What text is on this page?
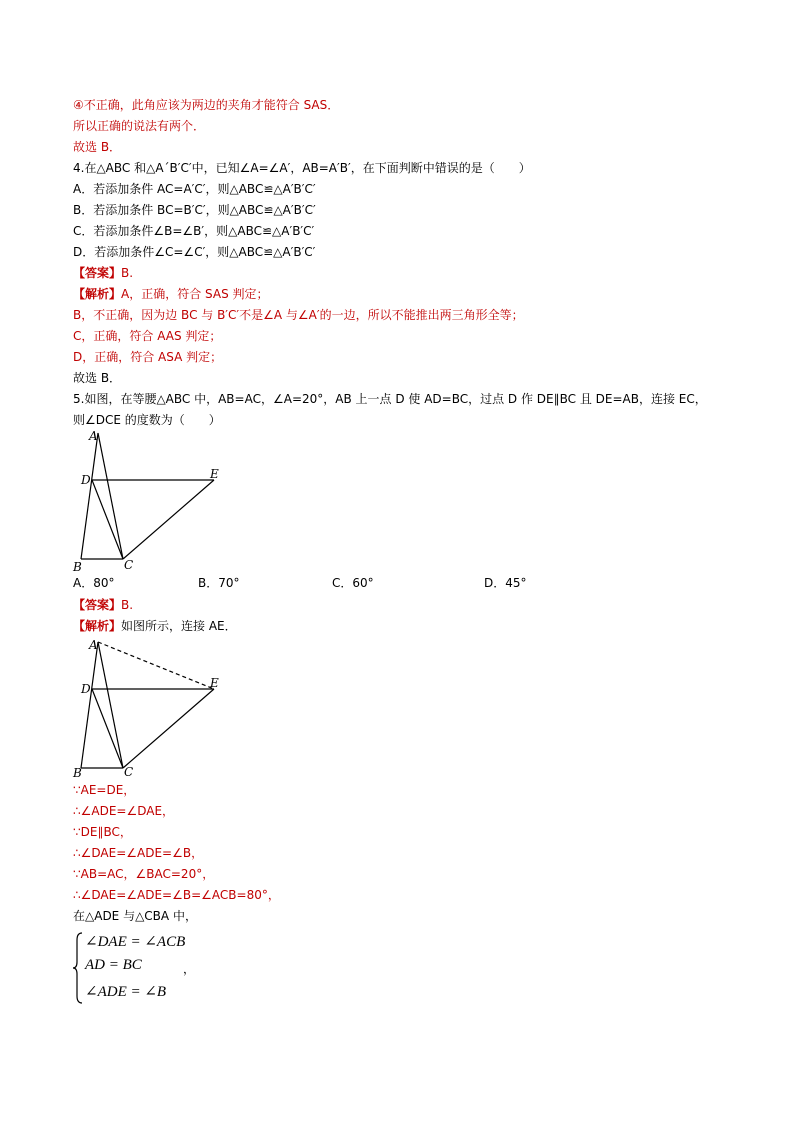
④不正确，此角应该为两边的夹角才能符合 SAS．
所以正确的说法有两个．
故选 B．
4.在△ABC 和△A´B′C′中，已知∠A=∠A′，AB=A′B′，在下面判断中错误的是（　　）
A．若添加条件 AC=A′C′，则△ABC≌△A′B′C′
B．若添加条件 BC=B′C′，则△ABC≌△A′B′C′
C．若添加条件∠B=∠B′，则△ABC≌△A′B′C′
D．若添加条件∠C=∠C′，则△ABC≌△A′B′C′
【答案】B.
【解析】A，正确，符合 SAS 判定；
B，不正确，因为边 BC 与 B′C′不是∠A 与∠A′的一边，所以不能推出两三角形全等；
C，正确，符合 AAS 判定；
D，正确，符合 ASA 判定；
故选 B．
5.如图，在等腰△ABC 中，AB=AC，∠A=20°，AB 上一点 D 使 AD=BC，过点 D 作 DE∥BC 且 DE=AB，连接 EC，
则∠DCE 的度数为（　　）
A
D	E
B	C
A．80°	B．70°	C．60°	D．45°
【答案】B.
【解析】如图所示，连接 AE．
A
D	E
B	C
∵AE=DE，
∴∠ADE=∠DAE，
∵DE∥BC，
∴∠DAE=∠ADE=∠B，
∵AB=AC，∠BAC=20°，
∴∠DAE=∠ADE=∠B=∠ACB=80°，
在△ADE 与△CBA 中，
∠DAE = ∠ACB
AD = BC
∠ADE = ∠B
，
